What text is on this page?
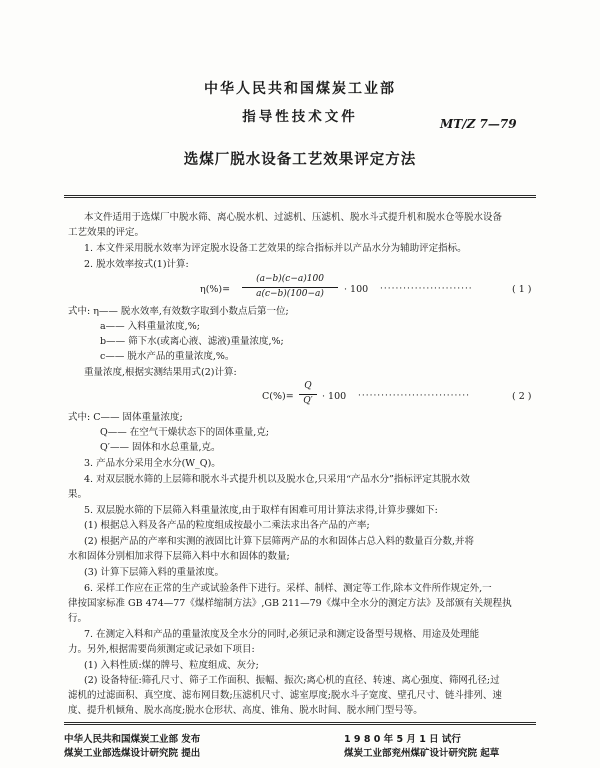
中华人民共和国煤炭工业部
指导性技术文件	MT/Z 7—79
选煤厂脱水设备工艺效果评定方法
本文件适用于选煤厂中脱水筛、离心脱水机、过滤机、压滤机、脱水斗式提升机和脱水仓等脱水设备
工艺效果的评定。
1. 本文件采用脱水效率为评定脱水设备工艺效果的综合指标并以产品水分为辅助评定指标。
2. 脱水效率按式(1)计算:
η(%)=
(a−b)(c−a)100
a(c−b)(100−a)	· 100 ························	( 1 )
式中: η—— 脱水效率,有效数字取到小数点后第一位;
a—— 入料重量浓度,%;
b—— 筛下水(或离心液、滤液)重量浓度,%;
c—— 脱水产品的重量浓度,%。
重量浓度,根据实测结果用式(2)计算:
C(%)=
Q
Q′ · 100 ·····························	( 2 )
式中: C—— 固体重量浓度;
Q—— 在空气干燥状态下的固体重量,克;
Q′—— 固体和水总重量,克。
3. 产品水分采用全水分(W_Q)。
4. 对双层脱水筛的上层筛和脱水斗式提升机以及脱水仓,只采用“产品水分”指标评定其脱水效
果。
5. 双层脱水筛的下层筛入料重量浓度,由于取样有困难可用计算法求得,计算步骤如下:
(1) 根据总入料及各产品的粒度组成按最小二乘法求出各产品的产率;
(2) 根据产品的产率和实测的液固比计算下层筛两产品的水和固体占总入料的数量百分数,并将
水和固体分别相加求得下层筛入料中水和固体的数量;
(3) 计算下层筛入料的重量浓度。
6. 采样工作应在正常的生产或试验条件下进行。采样、制样、测定等工作,除本文件所作规定外,一
律按国家标准 GB 474—77《煤样缩制方法》,GB 211—79《煤中全水分的测定方法》及部颁有关规程执
行。
7. 在测定入料和产品的重量浓度及全水分的同时,必须记录和测定设备型号规格、用途及处理能
力。另外,根据需要尚须测定或记录如下项目:
(1) 入料性质:煤的牌号、粒度组成、灰分;
(2) 设备特征:筛孔尺寸、筛子工作面积、振幅、振次;离心机的直径、转速、离心强度、筛网孔径;过
滤机的过滤面积、真空度、滤布网目数;压滤机尺寸、滤室厚度;脱水斗子宽度、壁孔尺寸、链斗排列、速
度、提升机倾角、脱水高度;脱水仓形状、高度、锥角、脱水时间、脱水闸门型号等。
中华人民共和国煤炭工业部 发布
煤炭工业部选煤设计研究院 提出
1 9 8 0 年 5 月 1 日 试行
煤炭工业部兖州煤矿设计研究院 起草
